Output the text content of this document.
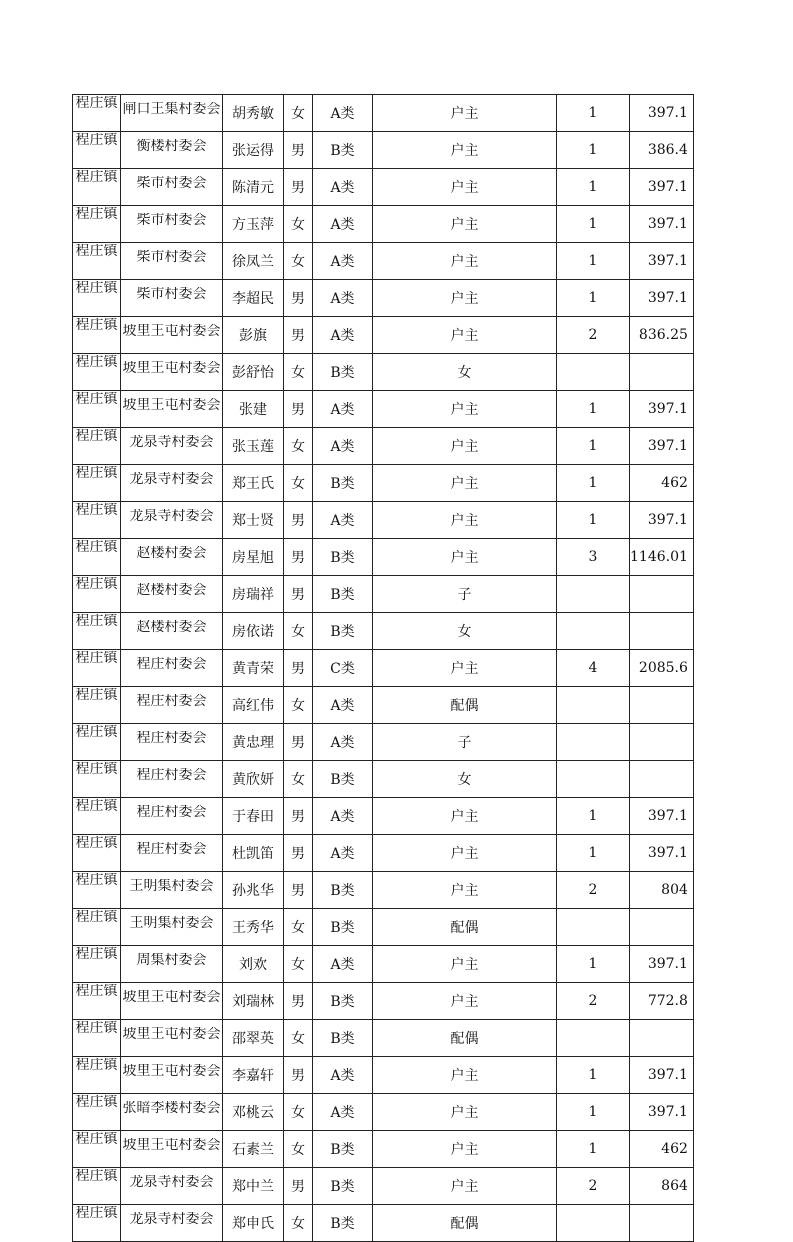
程庄镇	闸口王集村委会	胡秀敏	女	A类	户主	1	397.1

程庄镇	衡楼村委会	张运得	男	B类	户主	1	386.4

程庄镇	柴市村委会	陈清元	男	A类	户主	1	397.1

程庄镇	柴市村委会	方玉萍	女	A类	户主	1	397.1

程庄镇	柴市村委会	徐凤兰	女	A类	户主	1	397.1

程庄镇	柴市村委会	李超民	男	A类	户主	1	397.1

程庄镇	坡里王屯村委会	彭旗	男	A类	户主	2	836.25

程庄镇	坡里王屯村委会	彭舒怡	女	B类	女		

程庄镇	坡里王屯村委会	张建	男	A类	户主	1	397.1

程庄镇	龙泉寺村委会	张玉莲	女	A类	户主	1	397.1

程庄镇	龙泉寺村委会	郑王氏	女	B类	户主	1	462

程庄镇	龙泉寺村委会	郑士贤	男	A类	户主	1	397.1

程庄镇	赵楼村委会	房星旭	男	B类	户主	3	1146.01

程庄镇	赵楼村委会	房瑞祥	男	B类	子		

程庄镇	赵楼村委会	房依诺	女	B类	女		

程庄镇	程庄村委会	黄青荣	男	C类	户主	4	2085.6

程庄镇	程庄村委会	高红伟	女	A类	配偶		

程庄镇	程庄村委会	黄忠理	男	A类	子		

程庄镇	程庄村委会	黄欣妍	女	B类	女		

程庄镇	程庄村委会	于春田	男	A类	户主	1	397.1

程庄镇	程庄村委会	杜凯笛	男	A类	户主	1	397.1

程庄镇	王明集村委会	孙兆华	男	B类	户主	2	804

程庄镇	王明集村委会	王秀华	女	B类	配偶		

程庄镇	周集村委会	刘欢	女	A类	户主	1	397.1

程庄镇	坡里王屯村委会	刘瑞林	男	B类	户主	2	772.8

程庄镇	坡里王屯村委会	邵翠英	女	B类	配偶		

程庄镇	坡里王屯村委会	李嘉轩	男	A类	户主	1	397.1

程庄镇	张暗李楼村委会	邓桃云	女	A类	户主	1	397.1

程庄镇	坡里王屯村委会	石素兰	女	B类	户主	1	462

程庄镇	龙泉寺村委会	郑中兰	男	B类	户主	2	864

程庄镇	龙泉寺村委会	郑申氏	女	B类	配偶		
